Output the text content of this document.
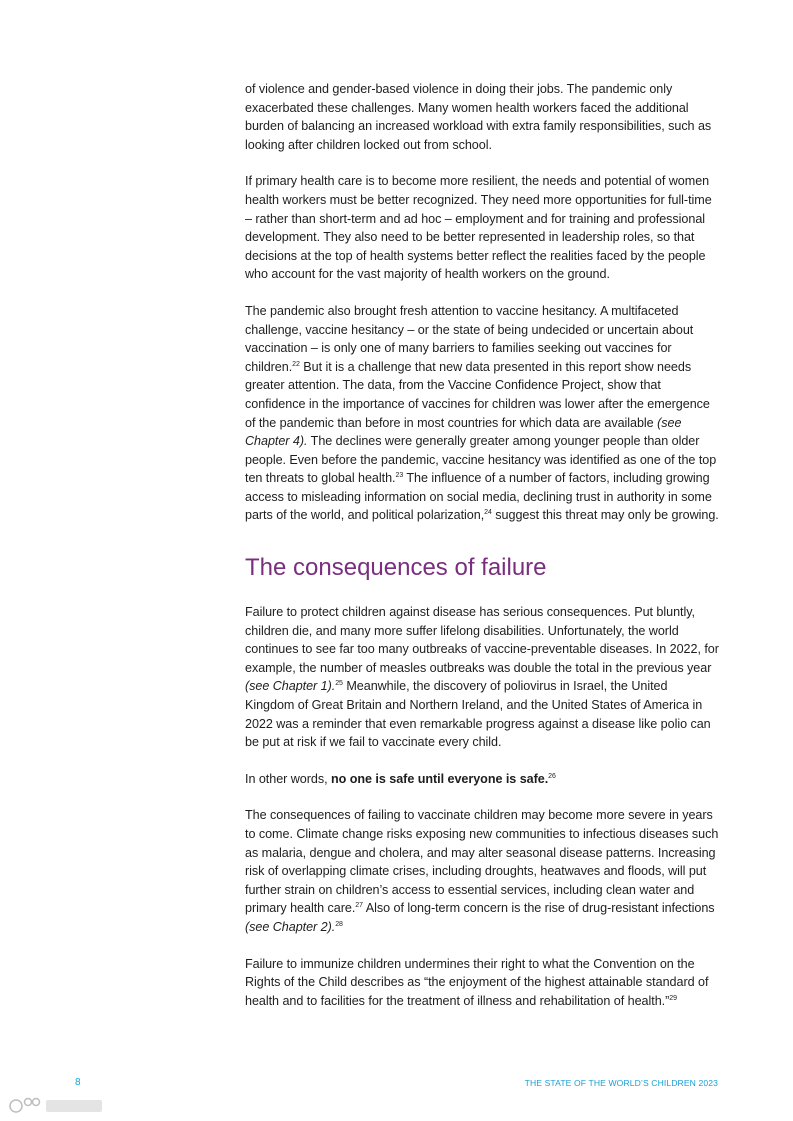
of violence and gender-based violence in doing their jobs. The pandemic only exacerbated these challenges. Many women health workers faced the additional burden of balancing an increased workload with extra family responsibilities, such as looking after children locked out from school.

If primary health care is to become more resilient, the needs and potential of women health workers must be better recognized. They need more opportunities for full-time – rather than short-term and ad hoc – employment and for training and professional development. They also need to be better represented in leadership roles, so that decisions at the top of health systems better reflect the realities faced by the people who account for the vast majority of health workers on the ground.

The pandemic also brought fresh attention to vaccine hesitancy. A multifaceted challenge, vaccine hesitancy – or the state of being undecided or uncertain about vaccination – is only one of many barriers to families seeking out vaccines for children.$^{22}$ But it is a challenge that new data presented in this report show needs greater attention. The data, from the Vaccine Confidence Project, show that confidence in the importance of vaccines for children was lower after the emergence of the pandemic than before in most countries for which data are available (see Chapter 4). The declines were generally greater among younger people than older people. Even before the pandemic, vaccine hesitancy was identified as one of the top ten threats to global health.$^{23}$ The influence of a number of factors, including growing access to misleading information on social media, declining trust in authority in some parts of the world, and political polarization,$^{24}$ suggest this threat may only be growing.

The consequences of failure

Failure to protect children against disease has serious consequences. Put bluntly, children die, and many more suffer lifelong disabilities. Unfortunately, the world continues to see far too many outbreaks of vaccine-preventable diseases. In 2022, for example, the number of measles outbreaks was double the total in the previous year (see Chapter 1).$^{25}$ Meanwhile, the discovery of poliovirus in Israel, the United Kingdom of Great Britain and Northern Ireland, and the United States of America in 2022 was a reminder that even remarkable progress against a disease like polio can be put at risk if we fail to vaccinate every child.

In other words, no one is safe until everyone is safe.$^{26}$

The consequences of failing to vaccinate children may become more severe in years to come. Climate change risks exposing new communities to infectious diseases such as malaria, dengue and cholera, and may alter seasonal disease patterns. Increasing risk of overlapping climate crises, including droughts, heatwaves and floods, will put further strain on children’s access to essential services, including clean water and primary health care.$^{27}$ Also of long-term concern is the rise of drug-resistant infections (see Chapter 2).$^{28}$

Failure to immunize children undermines their right to what the Convention on the Rights of the Child describes as “the enjoyment of the highest attainable standard of health and to facilities for the treatment of illness and rehabilitation of health.”$^{29}$

8	THE STATE OF THE WORLD’S CHILDREN 2023
